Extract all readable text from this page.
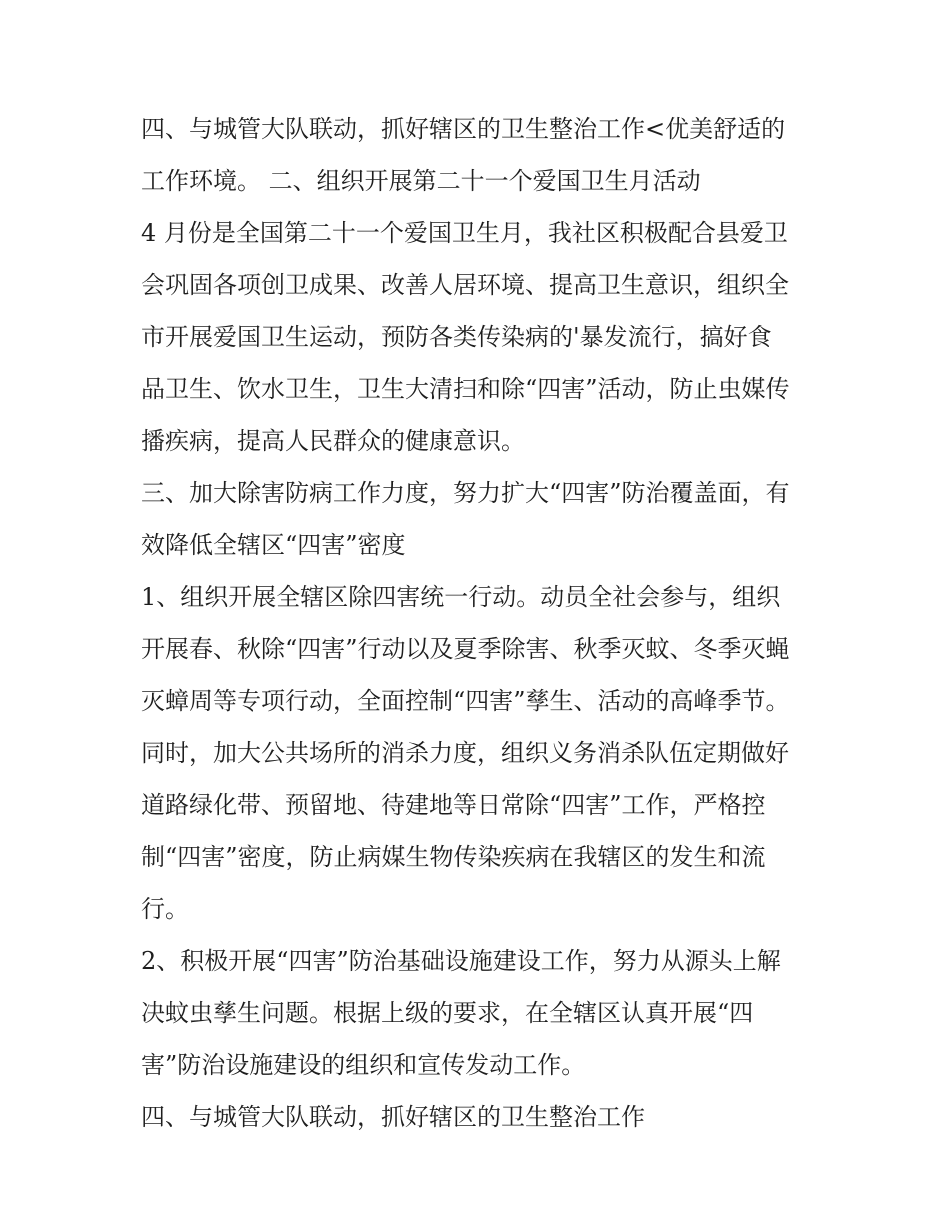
四、与城管大队联动，抓好辖区的卫生整治工作<优美舒适的
工作环境。 二、组织开展第二十一个爱国卫生月活动
4 月份是全国第二十一个爱国卫生月，我社区积极配合县爱卫
会巩固各项创卫成果、改善人居环境、提高卫生意识，组织全
市开展爱国卫生运动，预防各类传染病的'暴发流行，搞好食
品卫生、饮水卫生，卫生大清扫和除“四害”活动，防止虫媒传
播疾病，提高人民群众的健康意识。
三、加大除害防病工作力度，努力扩大“四害”防治覆盖面，有
效降低全辖区“四害”密度
1、组织开展全辖区除四害统一行动。动员全社会参与，组织
开展春、秋除“四害”行动以及夏季除害、秋季灭蚊、冬季灭蝇
灭蟑周等专项行动，全面控制“四害”孳生、活动的高峰季节。
同时，加大公共场所的消杀力度，组织义务消杀队伍定期做好
道路绿化带、预留地、待建地等日常除“四害”工作，严格控
制“四害”密度，防止病媒生物传染疾病在我辖区的发生和流
行。
2、积极开展“四害”防治基础设施建设工作，努力从源头上解
决蚊虫孳生问题。根据上级的要求，在全辖区认真开展“四
害”防治设施建设的组织和宣传发动工作。
四、与城管大队联动，抓好辖区的卫生整治工作
